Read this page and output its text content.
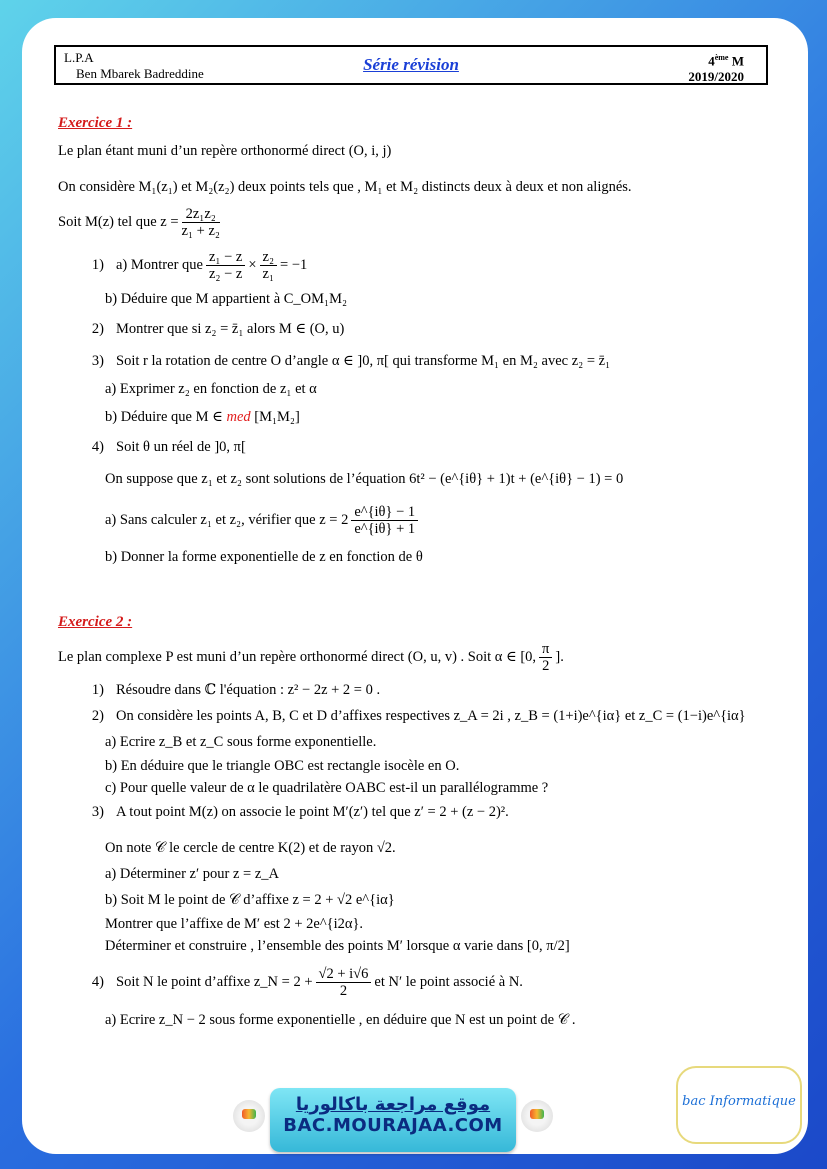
L.P.A
Ben Mbarek Badreddine	Série révision	4ème M
2019/2020
Exercice 1 :

Le plan étant muni d’un repère orthonormé direct (O, i, j)

On considère M₁(z₁) et M₂(z₂) deux points tels que , M₁ et M₂ distincts deux à deux et non alignés.

Soit M(z) tel que $z = \frac{\text{2z₁z₂}}{\text{z₁ + z₂}}$
1) a) Montrer que $\frac{\text{z₁ − z}}{\text{z₂ − z}} \times \frac{\text{z₂}}{\text{z₁}} = -1$
b) Déduire que M appartient à C_OM₁M₂
2) Montrer que si z₂ = z̄₁ alors M ∈ (O, u)
3) Soit r la rotation de centre O d’angle α ∈ ]0, π[ qui transforme M₁ en M₂ avec z₂ = z̄₁
a) Exprimer z₂ en fonction de z₁ et α
b) Déduire que M ∈
med
[M₁M₂]
4) Soit θ un réel de ]0, π[
On suppose que z₁ et z₂ sont solutions de l’équation 6t² − (e^{iθ} + 1)t + (e^{iθ} − 1) = 0
a) Sans calculer z₁ et z₂, vérifier que $z = 2 \frac{e\^{}\{i\theta\} - 1}{e\^{}\{i\theta\} + 1}$
b) Donner la forme exponentielle de z en fonction de θ
Exercice 2 :
Le plan complexe P est muni d’un repère orthonormé direct (O, u, v) . Soit α ∈ [0, $\frac{\pi}{2}$ ].
1) Résoudre dans ℂ l'équation : z² − 2z + 2 = 0 .
2) On considère les points A, B, C et D d’affixes respectives z_A = 2i , z_B = (1+i)e^{iα} et z_C = (1−i)e^{iα}
a) Ecrire z_B et z_C sous forme exponentielle.
b) En déduire que le triangle OBC est rectangle isocèle en O.
c) Pour quelle valeur de α le quadrilatère OABC est-il un parallélogramme ?
3) A tout point M(z) on associe le point M′(z′) tel que z′ = 2 + (z − 2)².
On note 𝒞 le cercle de centre K(2) et de rayon √2.
a) Déterminer z′ pour z = z_A
b) Soit M le point de 𝒞 d’affixe z = 2 + √2 e^{iα}
Montrer que l’affixe de M′ est 2 + 2e^{i2α}.
Déterminer et construire , l’ensemble des points M′ lorsque α varie dans [0, π/2]
4) Soit N le point d’affixe z_N = $2 + \frac{√2 + i√6}{2}$ et N′ le point associé à N.
a) Ecrire z_N − 2 sous forme exponentielle , en déduire que N est un point de 𝒞 .
موقع مراجعة باكالوريا
BAC.MOURAJAA.COM
bac Informatique
